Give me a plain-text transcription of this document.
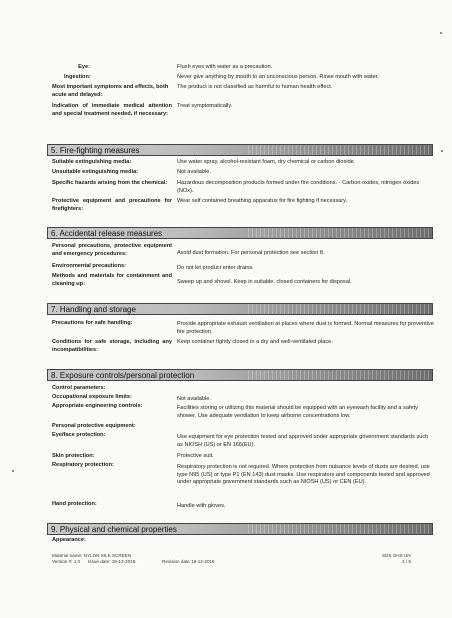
Eye:	Flush eyes with water as a precaution.
Ingestion:	Never give anything by mouth to an unconscious person. Rinse mouth with water.
Most important symptoms and effects, both acute and delayed:
The product is not classified as harmful to human health effect.
Indication of immediate medical attention and special treatment needed, if necessary:
Treat symptomatically.
5. Fire-fighting measures
Suitable extinguishing media:	Use water spray, alcohol-resistant foam, dry chemical or carbon dioxide.
Unsuitable extinguishing media:	Not available.
Specific hazards arising from the chemical:	Hazardous decomposition products formed under fire conditions. - Carbon oxides, nitrogen oxides (NOx).
Protective equipment and precautions for firefighters:
Wear self contained breathing apparatus for fire fighting if necessary.
6. Accidental release measures
Personal precautions, protective equipment and emergency procedures:	Avoid dust formation. For personal protection see section 8.
Environmental precautions:	Do not let product enter drains.
Methods and materials for containment and cleaning up:	Sweep up and shovel. Keep in suitable, closed containers for disposal.
7. Handling and storage
Precautions for safe handling:	Provide appropriate exhaust ventilation at places where dust is formed. Normal measures for preventive fire protection.
Conditions for safe storage, including any incompatibilities:
Keep container tightly closed in a dry and well-ventilated place.
8. Exposure controls/personal protection
Control parameters:
Occupational exposure limits:	Not available.
Appropriate engineering controls:	Facilities storing or utilizing this material should be equipped with an eyewash facility and a safety shower. Use adequate ventilation to keep airborne concentrations low.
Personal protective equipment:
Eye/face protection:	Use equipment for eye protection tested and approved under appropriate government standards such as NIOSH (US) or EN 166(EU).
Skin protection:	Protective suit.
Respiratory protection:	Respiratory protection is not required. Where protection from nuisance levels of dusts are desired, use type N95 (US) or type P1 (EN 143) dust masks. Use respirators and components tested and approved under appropriate government standards such as NIOSH (US) or CEN (EU).
Hand protection:	Handle with gloves.
9. Physical and chemical properties
Appearance:
Material name: NYLON SILK SCREEN
Version #: 1.0 Issue date: 19-12-2016.	Revision date 19-12-2016
SDS GHS UN
2 / 5
